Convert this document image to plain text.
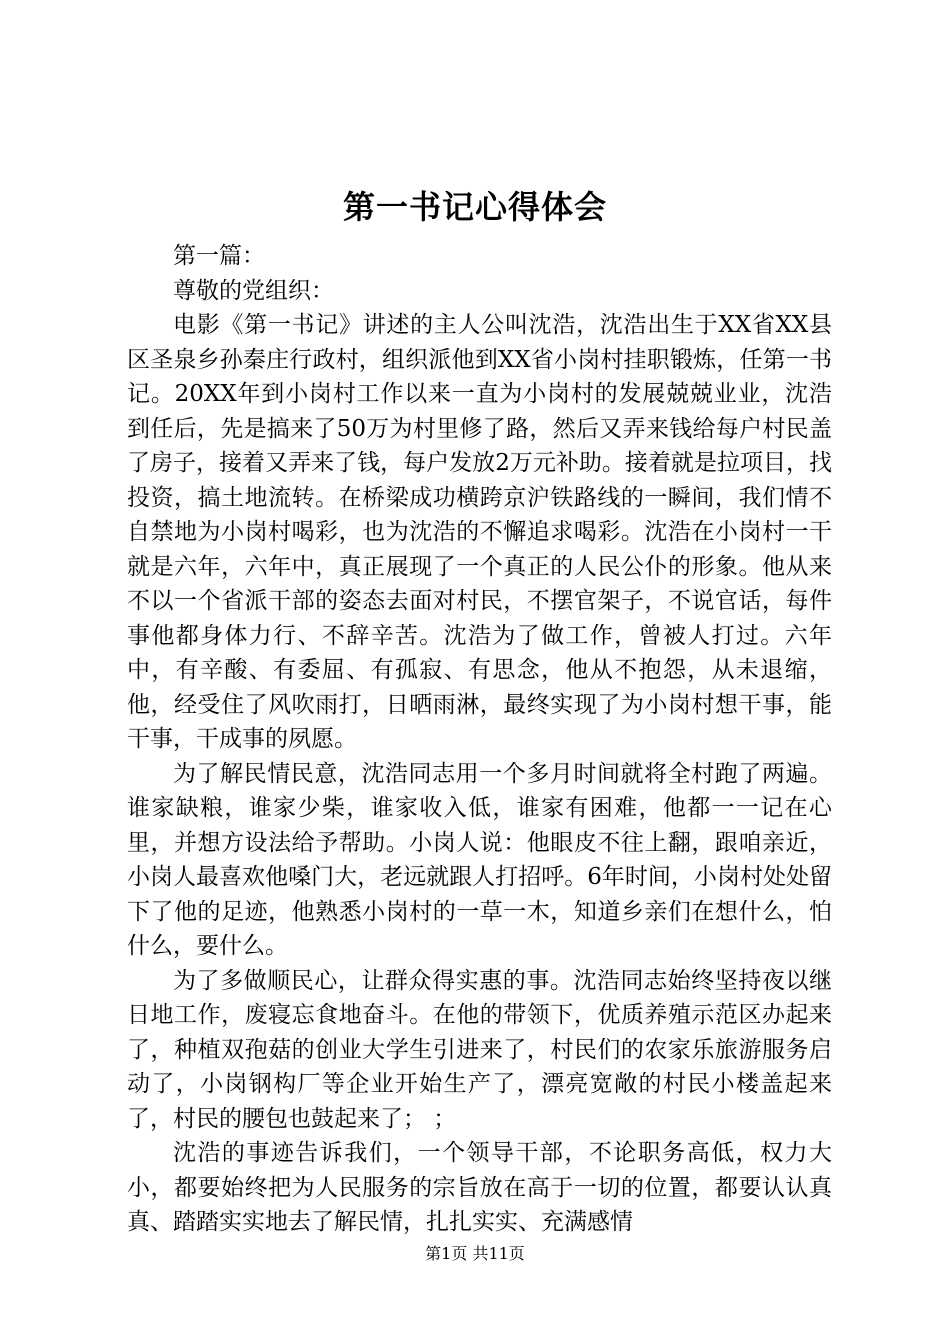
第一书记心得体会

第一篇：

尊敬的党组织：

电影《第一书记》讲述的主人公叫沈浩，沈浩出生于XX省XX县区圣泉乡孙秦庄行政村，组织派他到XX省小岗村挂职锻炼，任第一书记。20XX年到小岗村工作以来一直为小岗村的发展兢兢业业，沈浩到任后，先是搞来了50万为村里修了路，然后又弄来钱给每户村民盖了房子，接着又弄来了钱，每户发放2万元补助。接着就是拉项目，找投资，搞土地流转。在桥梁成功横跨京沪铁路线的一瞬间，我们情不自禁地为小岗村喝彩，也为沈浩的不懈追求喝彩。沈浩在小岗村一干就是六年，六年中，真正展现了一个真正的人民公仆的形象。他从来不以一个省派干部的姿态去面对村民，不摆官架子，不说官话，每件事他都身体力行、不辞辛苦。沈浩为了做工作，曾被人打过。六年中，有辛酸、有委屈、有孤寂、有思念，他从不抱怨，从未退缩，他，经受住了风吹雨打，日晒雨淋，最终实现了为小岗村想干事，能干事，干成事的夙愿。

为了解民情民意，沈浩同志用一个多月时间就将全村跑了两遍。谁家缺粮，谁家少柴，谁家收入低，谁家有困难，他都一一记在心里，并想方设法给予帮助。小岗人说：他眼皮不往上翻，跟咱亲近，小岗人最喜欢他嗓门大，老远就跟人打招呼。6年时间，小岗村处处留下了他的足迹，他熟悉小岗村的一草一木，知道乡亲们在想什么，怕什么，要什么。

为了多做顺民心，让群众得实惠的事。沈浩同志始终坚持夜以继日地工作，废寝忘食地奋斗。在他的带领下，优质养殖示范区办起来了，种植双孢菇的创业大学生引进来了，村民们的农家乐旅游服务启动了，小岗钢构厂等企业开始生产了，漂亮宽敞的村民小楼盖起来了，村民的腰包也鼓起来了； ；

沈浩的事迹告诉我们，一个领导干部，不论职务高低，权力大小，都要始终把为人民服务的宗旨放在高于一切的位置，都要认认真真、踏踏实实地去了解民情，扎扎实实、充满感情

第1页 共11页
